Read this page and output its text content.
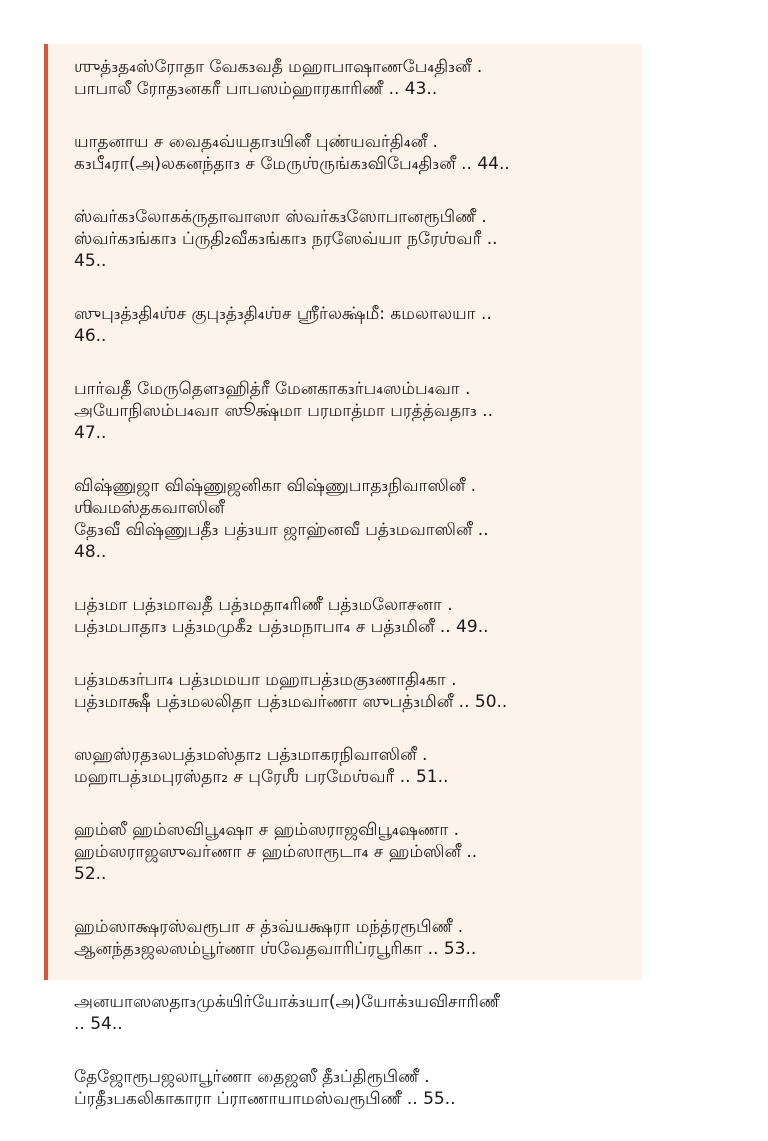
ஶுத்₃த₄ஸ்ரோதா வேக₃வதீ மஹாபாஷாணபே₄தி₃னீ .
பாபாலீ ரோத₃னகரீ பாபஸம்ஹாரகாரிணீ .. 43..
யாதனாய ச வைத₄வ்யதா₃யினீ புண்யவர்தி₄னீ .
க₃பீ₄ரா(அ)லகனந்தா₃ ச மேருஶ்ருங்க₃விபே₄தி₃னீ .. 44..
ஸ்வர்க₃லோகக்ருதாவாஸா ஸ்வர்க₃ஸோபானரூபிணீ .
ஸ்வர்க₃ங்கா₃ ப்ருதி₂வீக₃ங்கா₃ நரஸேவ்யா நரேஶ்வரீ ..
45..
ஸுபு₃த்₃தி₄ஶ்ச குபு₃த்₃தி₄ஶ்ச ஶ்ரீர்லக்ஷ்மீ꞉ கமலாலயா ..
46..
பார்வதீ மேருதௌ₃ஹித்ரீ மேனகாக₃ர்ப₄ஸம்ப₄வா .
அயோநிஸம்ப₄வா ஸூக்ஷ்மா பரமாத்மா பரத்த்வதா₃ ..
47..
விஷ்ணுஜா விஷ்ணுஜனிகா விஷ்ணுபாத₃நிவாஸினீ .
ஶிவமஸ்தகவாஸினீ
தே₃வீ விஷ்ணுபதீ₃ பத்₃யா ஜாஹ்னவீ பத்₃மவாஸினீ ..
48..
பத்₃மா பத்₃மாவதீ பத்₃மதா₄ரிணீ பத்₃மலோசனா .
பத்₃மபாதா₃ பத்₃மமுகீ₂ பத்₃மநாபா₄ ச பத்₃மினீ .. 49..
பத்₃மக₃ர்பா₄ பத்₃மமயா மஹாபத்₃மகு₃ணாதி₄கா .
பத்₃மாக்ஷீ பத்₃மலலிதா பத்₃மவர்ணா ஸுபத்₃மினீ .. 50..
ஸஹஸ்ரத₃லபத்₃மஸ்தா₂ பத்₃மாகரநிவாஸினீ .
மஹாபத்₃மபுரஸ்தா₂ ச புரேஶீ பரமேஶ்வரீ .. 51..
ஹம்ஸீ ஹம்ஸவிபூ₄ஷா ச ஹம்ஸராஜவிபூ₄ஷணா .
ஹம்ஸராஜஸுவர்ணா ச ஹம்ஸாரூடா₄ ச ஹம்ஸினீ ..
52..
ஹம்ஸாக்ஷரஸ்வரூபா ச த்₃வ்யக்ஷரா மந்த்ரரூபிணீ .
ஆனந்த₃ஜலஸம்பூர்ணா ஶ்வேதவாரிப்ரபூரிகா .. 53..
அனயாஸஸதா₃முக்யிர்யோக்₃யா(அ)யோக்₃யவிசாரிணீ
.. 54..
தேஜோரூபஜலாபூர்ணா தைஜஸீ தீ₃ப்திரூபிணீ .
ப்ரதீ₃பகலிகாகாரா ப்ராணாயாமஸ்வரூபிணீ .. 55..
